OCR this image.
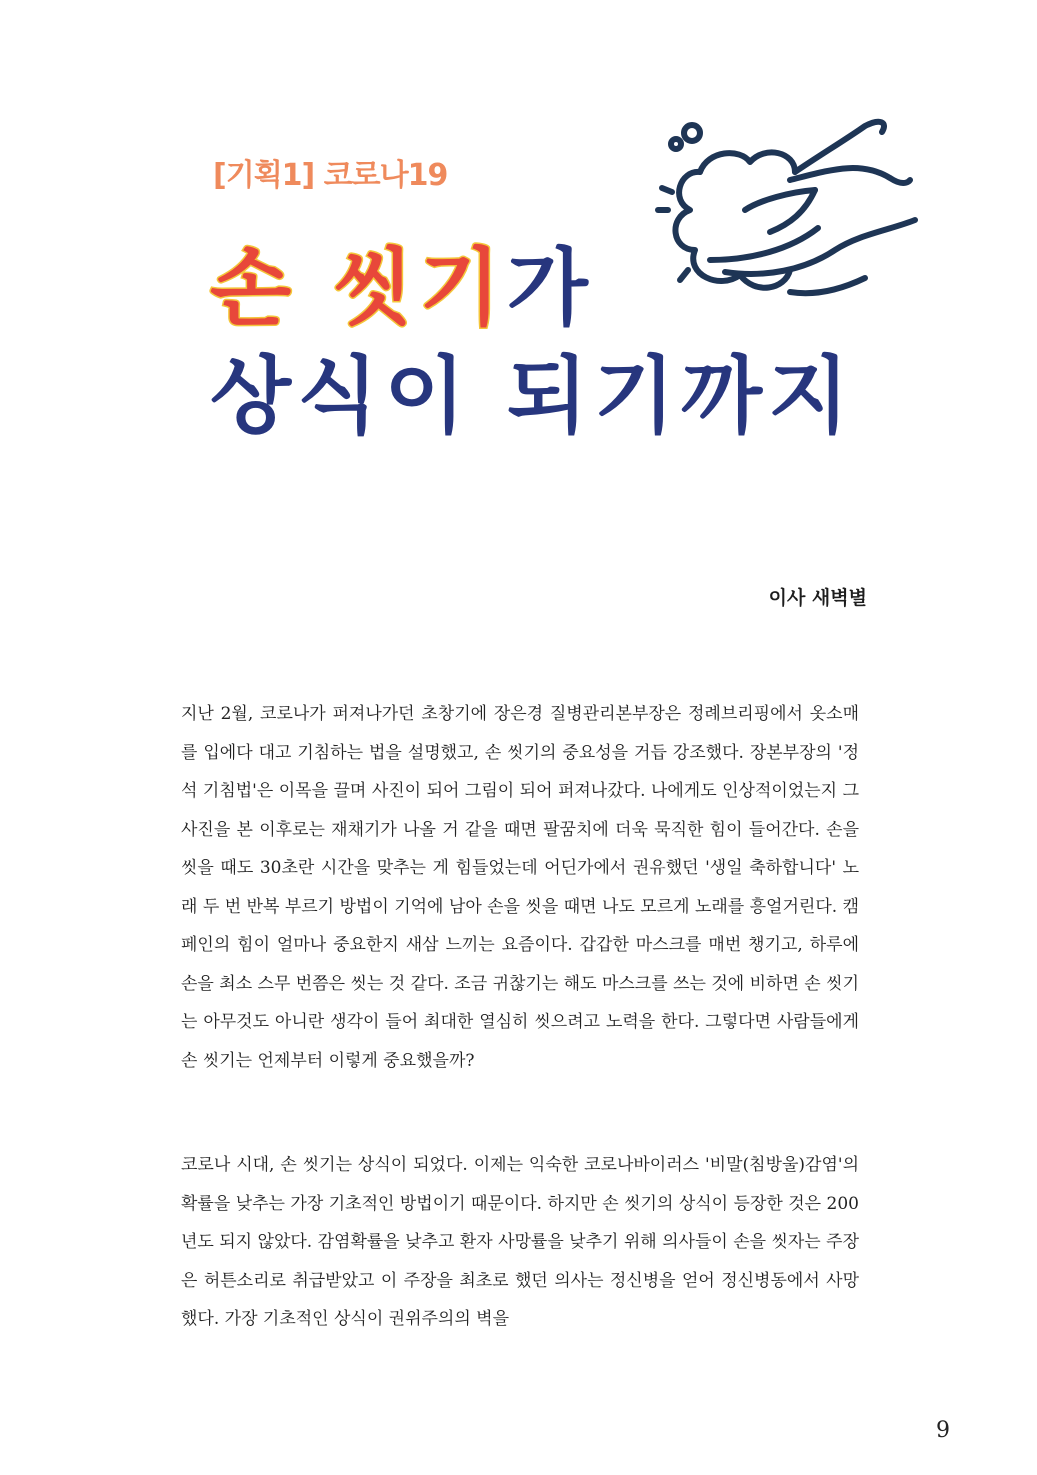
[기획1] 코로나19
손 씻기가
상식이 되기까지
이사 새벽별

지난 2월, 코로나가 퍼져나가던 초창기에 장은경 질병관리본부장은 정례브리핑에서 옷소매를 입에다 대고 기침하는 법을 설명했고, 손 씻기의 중요성을 거듭 강조했다. 장본부장의 '정석 기침법'은 이목을 끌며 사진이 되어 그림이 되어 퍼져나갔다. 나에게도 인상적이었는지 그 사진을 본 이후로는 재채기가 나올 거 같을 때면 팔꿈치에 더욱 묵직한 힘이 들어간다. 손을 씻을 때도 30초란 시간을 맞추는 게 힘들었는데 어딘가에서 권유했던 '생일 축하합니다' 노래 두 번 반복 부르기 방법이 기억에 남아 손을 씻을 때면 나도 모르게 노래를 흥얼거린다. 캠페인의 힘이 얼마나 중요한지 새삼 느끼는 요즘이다. 갑갑한 마스크를 매번 챙기고, 하루에 손을 최소 스무 번쯤은 씻는 것 같다. 조금 귀찮기는 해도 마스크를 쓰는 것에 비하면 손 씻기는 아무것도 아니란 생각이 들어 최대한 열심히 씻으려고 노력을 한다. 그렇다면 사람들에게 손 씻기는 언제부터 이렇게 중요했을까?

코로나 시대, 손 씻기는 상식이 되었다. 이제는 익숙한 코로나바이러스 '비말(침방울)감염'의 확률을 낮추는 가장 기초적인 방법이기 때문이다. 하지만 손 씻기의 상식이 등장한 것은 200년도 되지 않았다. 감염확률을 낮추고 환자 사망률을 낮추기 위해 의사들이 손을 씻자는 주장은 허튼소리로 취급받았고 이 주장을 최초로 했던 의사는 정신병을 얻어 정신병동에서 사망했다. 가장 기초적인 상식이 권위주의의 벽을

9
